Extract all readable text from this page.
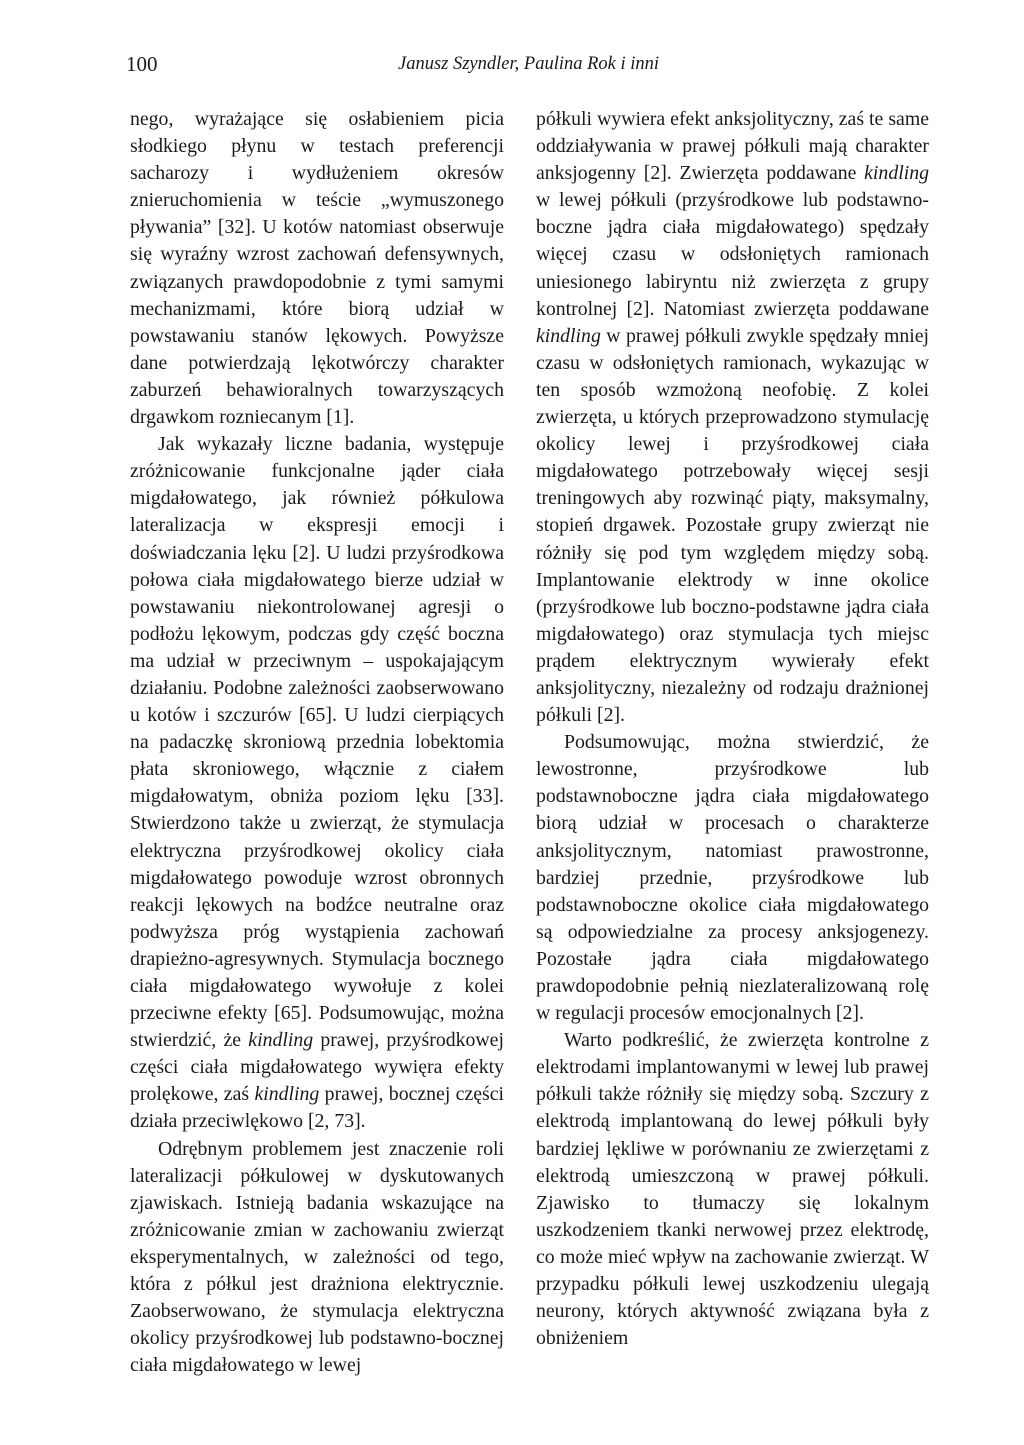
100	Janusz Szyndler, Paulina Rok i inni

nego, wyrażające się osłabieniem picia słodkiego płynu w testach preferencji sacharozy i wydłużeniem okresów znieruchomienia w teście „wymuszonego pływania” [32]. U kotów natomiast obserwuje się wyraźny wzrost zachowań defensywnych, związanych prawdopodobnie z tymi samymi mechanizmami, które biorą udział w powstawaniu stanów lękowych. Powyższe dane potwierdzają lękotwórczy charakter zaburzeń behawioralnych towarzyszących drgawkom rozniecanym [1].

Jak wykazały liczne badania, występuje zróżnicowanie funkcjonalne jąder ciała migdałowatego, jak również półkulowa lateralizacja w ekspresji emocji i doświadczania lęku [2]. U ludzi przyśrodkowa połowa ciała migdałowatego bierze udział w powstawaniu niekontrolowanej agresji o podłożu lękowym, podczas gdy część boczna ma udział w przeciwnym – uspokajającym działaniu. Podobne zależności zaobserwowano u kotów i szczurów [65]. U ludzi cierpiących na padaczkę skroniową przednia lobektomia płata skroniowego, włącznie z ciałem migdałowatym, obniża poziom lęku [33]. Stwierdzono także u zwierząt, że stymulacja elektryczna przyśrodkowej okolicy ciała migdałowatego powoduje wzrost obronnych reakcji lękowych na bodźce neutralne oraz podwyższa próg wystąpienia zachowań drapieżno-agresywnych. Stymulacja bocznego ciała migdałowatego wywołuje z kolei przeciwne efekty [65]. Podsumowując, można stwierdzić, że kindling prawej, przyśrodkowej części ciała migdałowatego wywięra efekty prolękowe, zaś kindling prawej, bocznej części działa przeciwlękowo [2, 73].

Odrębnym problemem jest znaczenie roli lateralizacji półkulowej w dyskutowanych zjawiskach. Istnieją badania wskazujące na zróżnicowanie zmian w zachowaniu zwierząt eksperymentalnych, w zależności od tego, która z półkul jest drażniona elektrycznie. Zaobserwowano, że stymulacja elektryczna okolicy przyśrodkowej lub podstawno-bocznej ciała migdałowatego w lewej

półkuli wywiera efekt anksjolityczny, zaś te same oddziaływania w prawej półkuli mają charakter anksjogenny [2]. Zwierzęta poddawane kindling w lewej półkuli (przyśrodkowe lub podstawno-boczne jądra ciała migdałowatego) spędzały więcej czasu w odsłoniętych ramionach uniesionego labiryntu niż zwierzęta z grupy kontrolnej [2]. Natomiast zwierzęta poddawane kindling w prawej półkuli zwykle spędzały mniej czasu w odsłoniętych ramionach, wykazując w ten sposób wzmożoną neofobię. Z kolei zwierzęta, u których przeprowadzono stymulację okolicy lewej i przyśrodkowej ciała migdałowatego potrzebowały więcej sesji treningowych aby rozwinąć piąty, maksymalny, stopień drgawek. Pozostałe grupy zwierząt nie różniły się pod tym względem między sobą. Implantowanie elektrody w inne okolice (przyśrodkowe lub boczno-podstawne jądra ciała migdałowatego) oraz stymulacja tych miejsc prądem elektrycznym wywierały efekt anksjolityczny, niezależny od rodzaju drażnionej półkuli [2].

Podsumowując, można stwierdzić, że lewostronne, przyśrodkowe lub podstawnoboczne jądra ciała migdałowatego biorą udział w procesach o charakterze anksjolitycznym, natomiast prawostronne, bardziej przednie, przyśrodkowe lub podstawnoboczne okolice ciała migdałowatego są odpowiedzialne za procesy anksjogenezy. Pozostałe jądra ciała migdałowatego prawdopodobnie pełnią niezlateralizowaną rolę w regulacji procesów emocjonalnych [2].

Warto podkreślić, że zwierzęta kontrolne z elektrodami implantowanymi w lewej lub prawej półkuli także różniły się między sobą. Szczury z elektrodą implantowaną do lewej półkuli były bardziej lękliwe w porównaniu ze zwierzętami z elektrodą umieszczoną w prawej półkuli. Zjawisko to tłumaczy się lokalnym uszkodzeniem tkanki nerwowej przez elektrodę, co może mieć wpływ na zachowanie zwierząt. W przypadku półkuli lewej uszkodzeniu ulegają neurony, których aktywność związana była z obniżeniem
